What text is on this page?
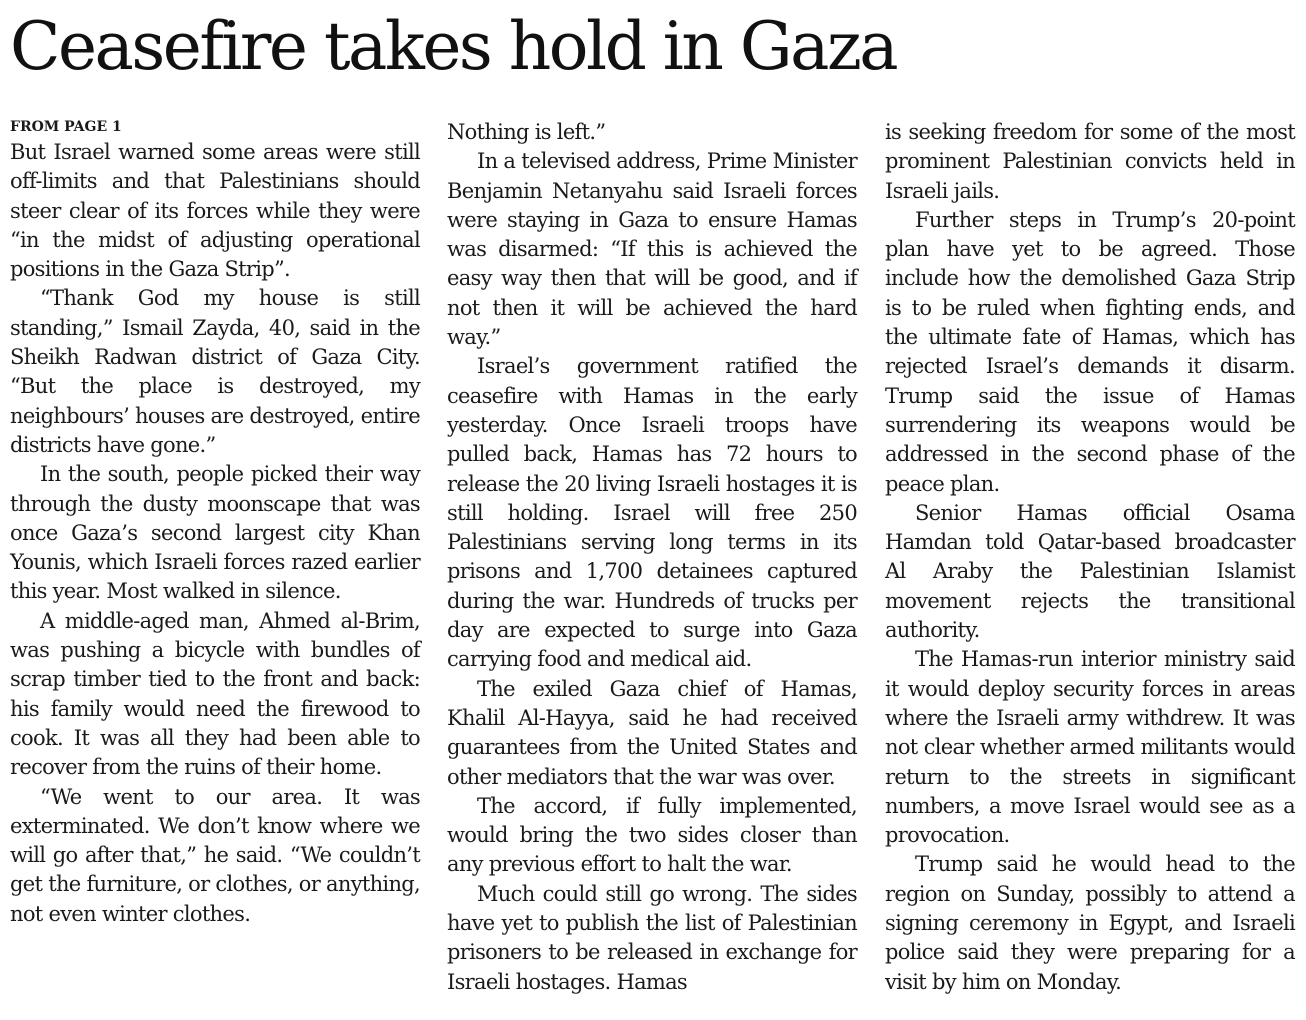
Ceasefire takes hold in Gaza
FROM PAGE 1

But Israel warned some areas were still off-limits and that Palestinians should steer clear of its forces while they were “in the midst of adjusting operational positions in the Gaza Strip”.

“Thank God my house is still standing,” Ismail Zayda, 40, said in the Sheikh Radwan district of Gaza City. “But the place is destroyed, my neighbours’ houses are destroyed, entire districts have gone.”

In the south, people picked their way through the dusty moonscape that was once Gaza’s second largest city Khan Younis, which Israeli forces razed earlier this year. Most walked in silence.

A middle-aged man, Ahmed al-Brim, was pushing a bicycle with bundles of scrap timber tied to the front and back: his family would need the firewood to cook. It was all they had been able to recover from the ruins of their home.

“We went to our area. It was exterminated. We don’t know where we will go after that,” he said. “We couldn’t get the furniture, or clothes, or anything, not even winter clothes.

Nothing is left.”

In a televised address, Prime Minister Benjamin Netanyahu said Israeli forces were staying in Gaza to ensure Hamas was disarmed: “If this is achieved the easy way then that will be good, and if not then it will be achieved the hard way.”

Israel’s government ratified the ceasefire with Hamas in the early yesterday. Once Israeli troops have pulled back, Hamas has 72 hours to release the 20 living Israeli hostages it is still holding. Israel will free 250 Palestinians serving long terms in its prisons and 1,700 detainees captured during the war. Hundreds of trucks per day are expected to surge into Gaza carrying food and medical aid.

The exiled Gaza chief of Hamas, Khalil Al-Hayya, said he had received guarantees from the United States and other mediators that the war was over.

The accord, if fully implemented, would bring the two sides closer than any previous effort to halt the war.

Much could still go wrong. The sides have yet to publish the list of Palestinian prisoners to be released in exchange for Israeli hostages. Hamas

is seeking freedom for some of the most prominent Palestinian convicts held in Israeli jails.

Further steps in Trump’s 20-point plan have yet to be agreed. Those include how the demolished Gaza Strip is to be ruled when fighting ends, and the ultimate fate of Hamas, which has rejected Israel’s demands it disarm. Trump said the issue of Hamas surrendering its weapons would be addressed in the second phase of the peace plan.

Senior Hamas official Osama Hamdan told Qatar-based broadcaster Al Araby the Palestinian Islamist movement rejects the transitional authority.

The Hamas-run interior ministry said it would deploy security forces in areas where the Israeli army withdrew. It was not clear whether armed militants would return to the streets in significant numbers, a move Israel would see as a provocation.

Trump said he would head to the region on Sunday, possibly to attend a signing ceremony in Egypt, and Israeli police said they were preparing for a visit by him on Monday.
